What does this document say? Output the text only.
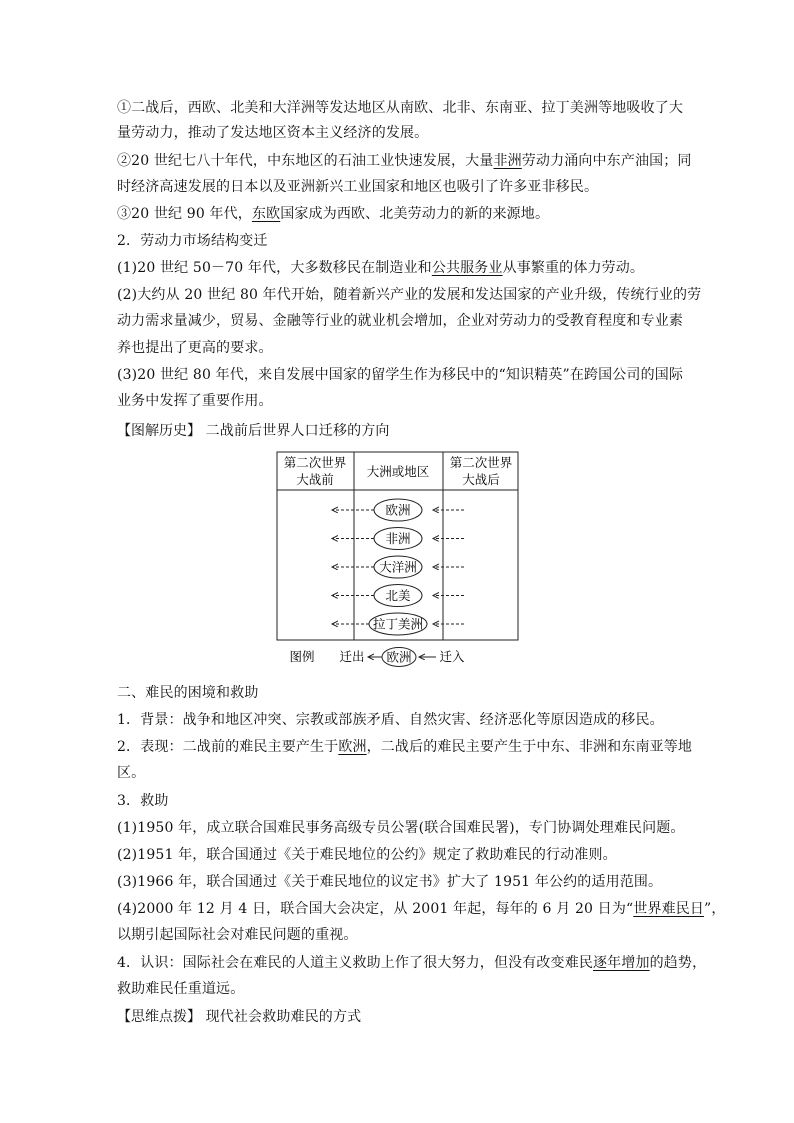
①二战后，西欧、北美和大洋洲等发达地区从南欧、北非、东南亚、拉丁美洲等地吸收了大
量劳动力，推动了发达地区资本主义经济的发展。
②20 世纪七八十年代，中东地区的石油工业快速发展，大量非洲劳动力涌向中东产油国；同
时经济高速发展的日本以及亚洲新兴工业国家和地区也吸引了许多亚非移民。
③20 世纪 90 年代，东欧国家成为西欧、北美劳动力的新的来源地。
2．劳动力市场结构变迁
(1)20 世纪 50－70 年代，大多数移民在制造业和公共服务业从事繁重的体力劳动。
(2)大约从 20 世纪 80 年代开始，随着新兴产业的发展和发达国家的产业升级，传统行业的劳
动力需求量减少，贸易、金融等行业的就业机会增加，企业对劳动力的受教育程度和专业素
养也提出了更高的要求。
(3)20 世纪 80 年代，来自发展中国家的留学生作为移民中的“知识精英”在跨国公司的国际
业务中发挥了重要作用。
【图解历史】 二战前后世界人口迁移的方向
第二次世界
大战前
大洲或地区
第二次世界
大战后
欧洲
非洲
大洋洲
北美
拉丁美洲
图例 迁出 欧洲 迁入
二、难民的困境和救助
1．背景：战争和地区冲突、宗教或部族矛盾、自然灾害、经济恶化等原因造成的移民。
2．表现：二战前的难民主要产生于欧洲，二战后的难民主要产生于中东、非洲和东南亚等地
区。
3．救助
(1)1950 年，成立联合国难民事务高级专员公署(联合国难民署)，专门协调处理难民问题。
(2)1951 年，联合国通过《关于难民地位的公约》规定了救助难民的行动准则。
(3)1966 年，联合国通过《关于难民地位的议定书》扩大了 1951 年公约的适用范围。
(4)2000 年 12 月 4 日，联合国大会决定，从 2001 年起，每年的 6 月 20 日为“世界难民日”，
以期引起国际社会对难民问题的重视。
4．认识：国际社会在难民的人道主义救助上作了很大努力，但没有改变难民逐年增加的趋势，
救助难民任重道远。
【思维点拨】 现代社会救助难民的方式
